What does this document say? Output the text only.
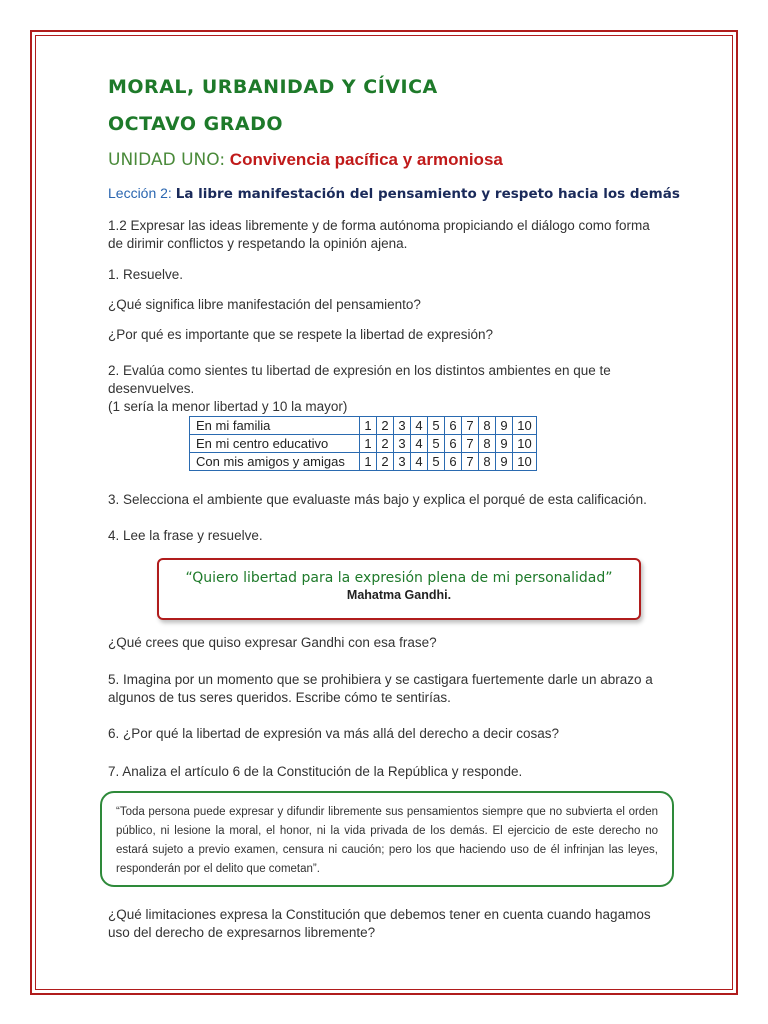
MORAL, URBANIDAD Y CÍVICA
OCTAVO GRADO
UNIDAD UNO: Convivencia pacífica y armoniosa
Lección 2: La libre manifestación del pensamiento y respeto hacia los demás
1.2 Expresar las ideas libremente y de forma autónoma propiciando el diálogo como forma de dirimir conflictos y respetando la opinión ajena.
1. Resuelve.
¿Qué significa libre manifestación del pensamiento?
¿Por qué es importante que se respete la libertad de expresión?
2. Evalúa como sientes tu libertad de expresión en los distintos ambientes en que te desenvuelves.
(1 sería la menor libertad y 10 la mayor)
En mi familia	1	2	3	4	5	6	7	8	9	10
En mi centro educativo	1	2	3	4	5	6	7	8	9	10
Con mis amigos y amigas	1	2	3	4	5	6	7	8	9	10
3. Selecciona el ambiente que evaluaste más bajo y explica el porqué de esta calificación.
4. Lee la frase y resuelve.
“Quiero libertad para la expresión plena de mi personalidad”
Mahatma Gandhi.
¿Qué crees que quiso expresar Gandhi con esa frase?
5. Imagina por un momento que se prohibiera y se castigara fuertemente darle un abrazo a algunos de tus seres queridos. Escribe cómo te sentirías.
6. ¿Por qué la libertad de expresión va más allá del derecho a decir cosas?
7. Analiza el artículo 6 de la Constitución de la República y responde.
“Toda persona puede expresar y difundir libremente sus pensamientos siempre que no subvierta el orden público, ni lesione la moral, el honor, ni la vida privada de los demás. El ejercicio de este derecho no estará sujeto a previo examen, censura ni caución; pero los que haciendo uso de él infrinjan las leyes, responderán por el delito que cometan”.
¿Qué limitaciones expresa la Constitución que debemos tener en cuenta cuando hagamos uso del derecho de expresarnos libremente?
